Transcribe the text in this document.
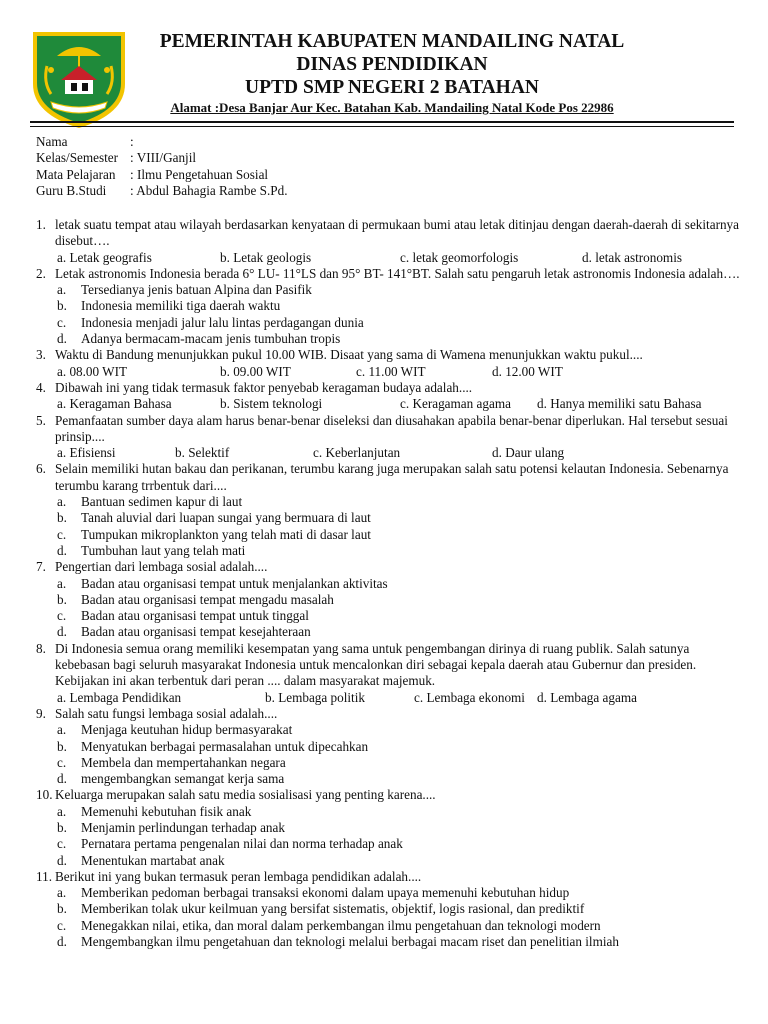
PEMERINTAH KABUPATEN MANDAILING NATAL
DINAS PENDIDIKAN
UPTD SMP NEGERI 2 BATAHAN
Alamat :Desa Banjar Aur Kec. Batahan Kab. Mandailing Natal Kode Pos 22986
Nama	:
Kelas/Semester : VIII/Ganjil
Mata Pelajaran : Ilmu Pengetahuan Sosial
Guru B.Studi : Abdul Bahagia Rambe S.Pd.
1. letak suatu tempat atau wilayah berdasarkan kenyataan di permukaan bumi atau letak ditinjau dengan daerah-daerah di sekitarnya disebut….
a. Letak geografis	b. Letak geologis	c. letak geomorfologis	d. letak astronomis
2. Letak astronomis Indonesia berada 6° LU- 11°LS dan 95° BT- 141°BT. Salah satu pengaruh letak astronomis Indonesia adalah….
a. Tersedianya jenis batuan Alpina dan Pasifik
b. Indonesia memiliki tiga daerah waktu
c. Indonesia menjadi jalur lalu lintas perdagangan dunia
d. Adanya bermacam-macam jenis tumbuhan tropis
3. Waktu di Bandung menunjukkan pukul 10.00 WIB. Disaat yang sama di Wamena menunjukkan waktu pukul....
a. 08.00 WIT	b. 09.00 WIT	c. 11.00 WIT	d. 12.00 WIT
4. Dibawah ini yang tidak termasuk faktor penyebab keragaman budaya adalah....
a. Keragaman Bahasa	b. Sistem teknologi	c. Keragaman agama d. Hanya memiliki satu Bahasa
5. Pemanfaatan sumber daya alam harus benar-benar diseleksi dan diusahakan apabila benar-benar diperlukan. Hal tersebut sesuai prinsip....
a. Efisiensi	b. Selektif	c. Keberlanjutan	d. Daur ulang
6. Selain memiliki hutan bakau dan perikanan, terumbu karang juga merupakan salah satu potensi kelautan Indonesia. Sebenarnya terumbu karang trrbentuk dari....
a. Bantuan sedimen kapur di laut
b. Tanah aluvial dari luapan sungai yang bermuara di laut
c. Tumpukan mikroplankton yang telah mati di dasar laut
d. Tumbuhan laut yang telah mati
7. Pengertian dari lembaga sosial adalah....
a. Badan atau organisasi tempat untuk menjalankan aktivitas
b. Badan atau organisasi tempat mengadu masalah
c. Badan atau organisasi tempat untuk tinggal
d. Badan atau organisasi tempat kesejahteraan
8. Di Indonesia semua orang memiliki kesempatan yang sama untuk pengembangan dirinya di ruang publik. Salah satunya kebebasan bagi seluruh masyarakat Indonesia untuk mencalonkan diri sebagai kepala daerah atau Gubernur dan presiden. Kebijakan ini akan terbentuk dari peran .... dalam masyarakat majemuk.
a. Lembaga Pendidikan	b. Lembaga politik	c. Lembaga ekonomi d. Lembaga agama
9. Salah satu fungsi lembaga sosial adalah....
a. Menjaga keutuhan hidup bermasyarakat
b. Menyatukan berbagai permasalahan untuk dipecahkan
c. Membela dan mempertahankan negara
d. mengembangkan semangat kerja sama
10. Keluarga merupakan salah satu media sosialisasi yang penting karena....
a. Memenuhi kebutuhan fisik anak
b. Menjamin perlindungan terhadap anak
c. Pernatara pertama pengenalan nilai dan norma terhadap anak
d. Menentukan martabat anak
11. Berikut ini yang bukan termasuk peran lembaga pendidikan adalah....
a. Memberikan pedoman berbagai transaksi ekonomi dalam upaya memenuhi kebutuhan hidup
b. Memberikan tolak ukur keilmuan yang bersifat sistematis, objektif, logis rasional, dan prediktif
c. Menegakkan nilai, etika, dan moral dalam perkembangan ilmu pengetahuan dan teknologi modern
d. Mengembangkan ilmu pengetahuan dan teknologi melalui berbagai macam riset dan penelitian ilmiah
